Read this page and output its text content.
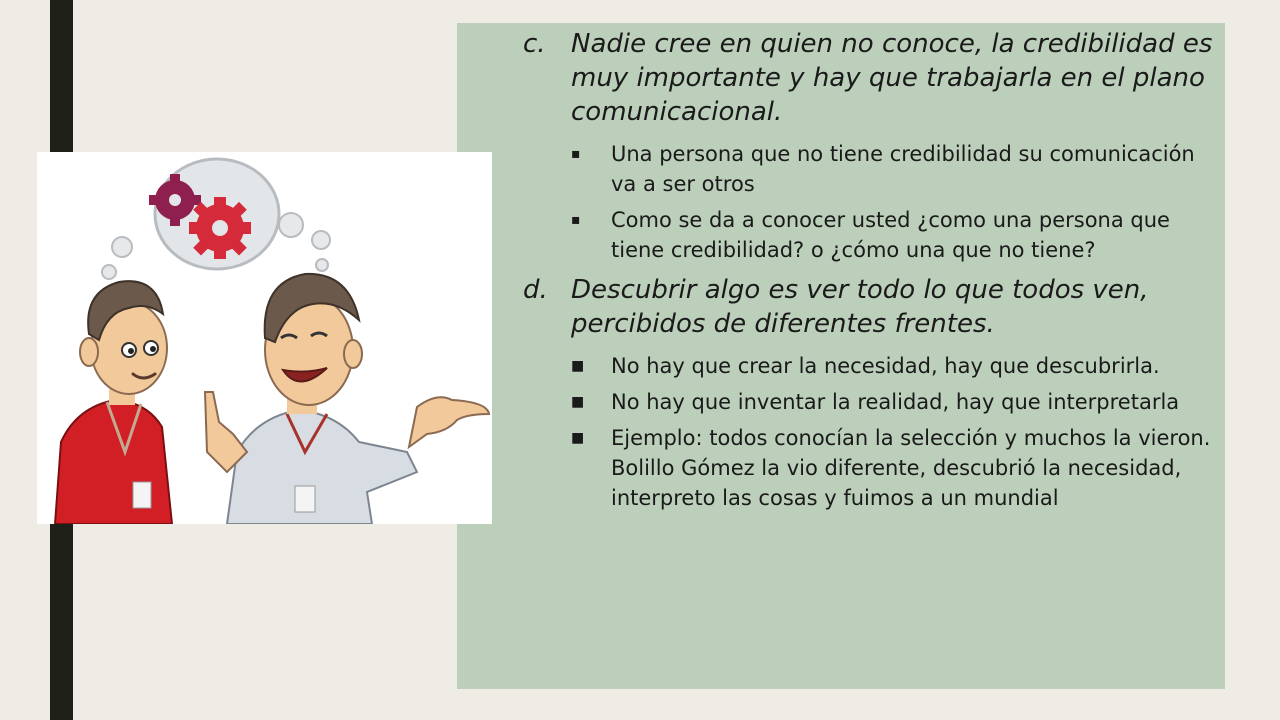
c. Nadie cree en quien no conoce, la credibilidad es muy importante y hay que trabajarla en el plano comunicacional.
▪	Una persona que no tiene credibilidad su comunicación va a ser otros
▪	Como se da a conocer usted ¿como una persona que tiene credibilidad? o ¿cómo una que no tiene?
d. Descubrir algo es ver todo lo que todos ven, percibidos de diferentes frentes.
■	No hay que crear la necesidad, hay que descubrirla.
■	No hay que inventar la realidad, hay que interpretarla
■	Ejemplo: todos conocían la selección y muchos la vieron. Bolillo Gómez la vio diferente, descubrió la necesidad, interpreto las cosas y fuimos a un mundial
